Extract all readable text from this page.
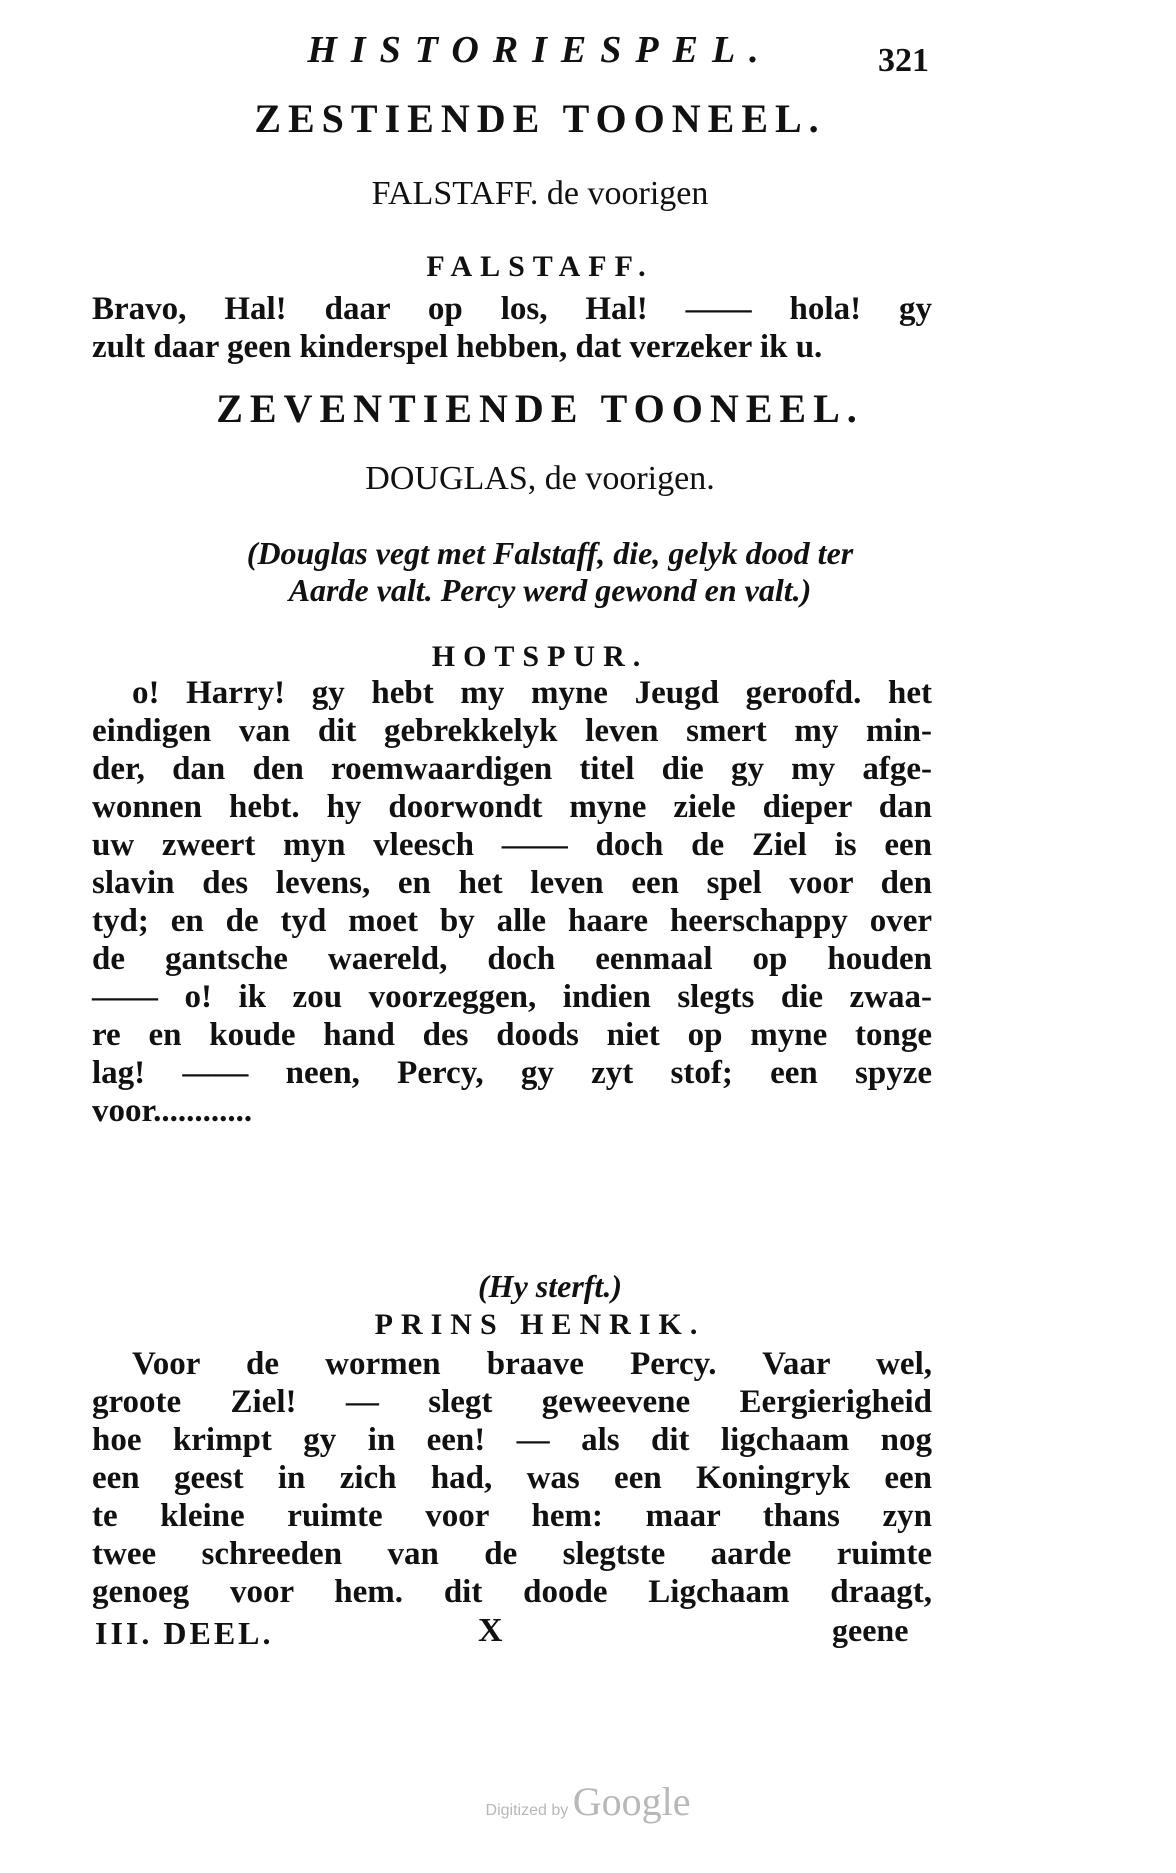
HISTORIESPEL.	321
ZESTIENDE TOONEEL.
FALSTAFF. de voorigen
FALSTAFF.
Bravo, Hal! daar op los, Hal! —— hola! gy
zult daar geen kinderspel hebben, dat verzeker ik u.
ZEVENTIENDE TOONEEL.
DOUGLAS, de voorigen.
(Douglas vegt met Falstaff, die, gelyk dood ter
Aarde valt. Percy werd gewond en valt.)
HOTSPUR.
o! Harry! gy hebt my myne Jeugd geroofd. het
eindigen van dit gebrekkelyk leven smert my min-
der, dan den roemwaardigen titel die gy my afge-
wonnen hebt. hy doorwondt myne ziele dieper dan
uw zweert myn vleesch —— doch de Ziel is een
slavin des levens, en het leven een spel voor den
tyd; en de tyd moet by alle haare heerschappy over
de gantsche waereld, doch eenmaal op houden
—— o! ik zou voorzeggen, indien slegts die zwaa-
re en koude hand des doods niet op myne tonge
lag! —— neen, Percy, gy zyt stof; een spyze
voor............
(Hy sterft.)
PRINS HENRIK.
Voor de wormen braave Percy. Vaar wel,
groote Ziel! — slegt geweevene Eergierigheid
hoe krimpt gy in een! — als dit ligchaam nog
een geest in zich had, was een Koningryk een
te kleine ruimte voor hem: maar thans zyn
twee schreeden van de slegtste aarde ruimte
genoeg voor hem. dit doode Ligchaam draagt,
III. DEEL.	X	geene
Digitized by Google
